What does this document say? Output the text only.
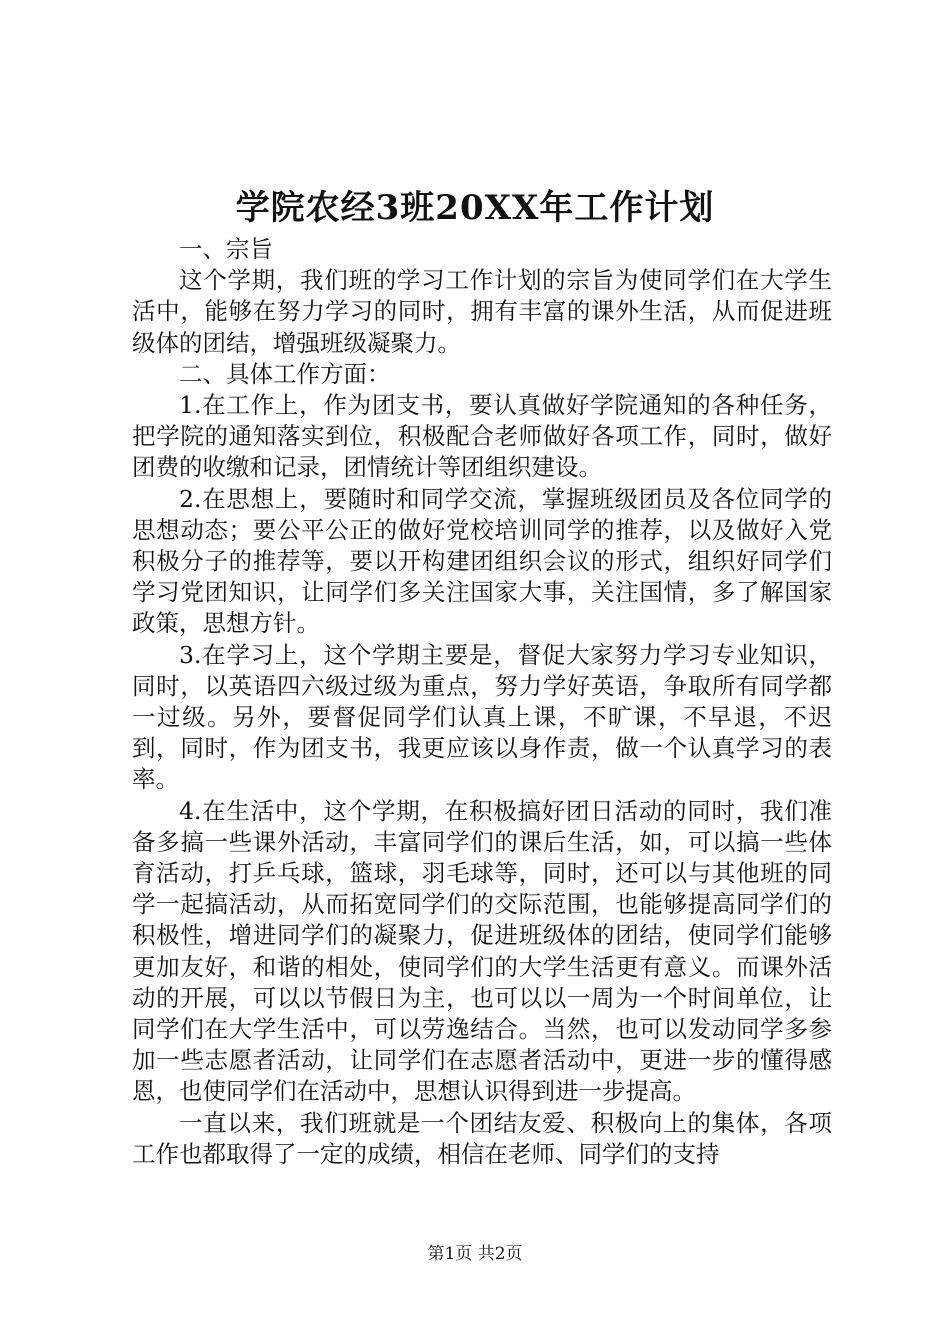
学院农经3班20XX年工作计划

一、宗旨

这个学期，我们班的学习工作计划的宗旨为使同学们在大学生活中，能够在努力学习的同时，拥有丰富的课外生活，从而促进班级体的团结，增强班级凝聚力。

二、具体工作方面：

1.在工作上，作为团支书，要认真做好学院通知的各种任务，把学院的通知落实到位，积极配合老师做好各项工作，同时，做好团费的收缴和记录，团情统计等团组织建设。

2.在思想上，要随时和同学交流，掌握班级团员及各位同学的思想动态；要公平公正的做好党校培训同学的推荐，以及做好入党积极分子的推荐等，要以开构建团组织会议的形式，组织好同学们学习党团知识，让同学们多关注国家大事，关注国情，多了解国家政策，思想方针。

3.在学习上，这个学期主要是，督促大家努力学习专业知识，同时，以英语四六级过级为重点，努力学好英语，争取所有同学都一过级。另外，要督促同学们认真上课，不旷课，不早退，不迟到，同时，作为团支书，我更应该以身作责，做一个认真学习的表率。

4.在生活中，这个学期，在积极搞好团日活动的同时，我们准备多搞一些课外活动，丰富同学们的课后生活，如，可以搞一些体育活动，打乒乓球，篮球，羽毛球等，同时，还可以与其他班的同学一起搞活动，从而拓宽同学们的交际范围，也能够提高同学们的积极性，增进同学们的凝聚力，促进班级体的团结，使同学们能够更加友好，和谐的相处，使同学们的大学生活更有意义。而课外活动的开展，可以以节假日为主，也可以以一周为一个时间单位，让同学们在大学生活中，可以劳逸结合。当然，也可以发动同学多参加一些志愿者活动，让同学们在志愿者活动中，更进一步的懂得感恩，也使同学们在活动中，思想认识得到进一步提高。

一直以来，我们班就是一个团结友爱、积极向上的集体，各项工作也都取得了一定的成绩，相信在老师、同学们的支持

第1页 共2页
